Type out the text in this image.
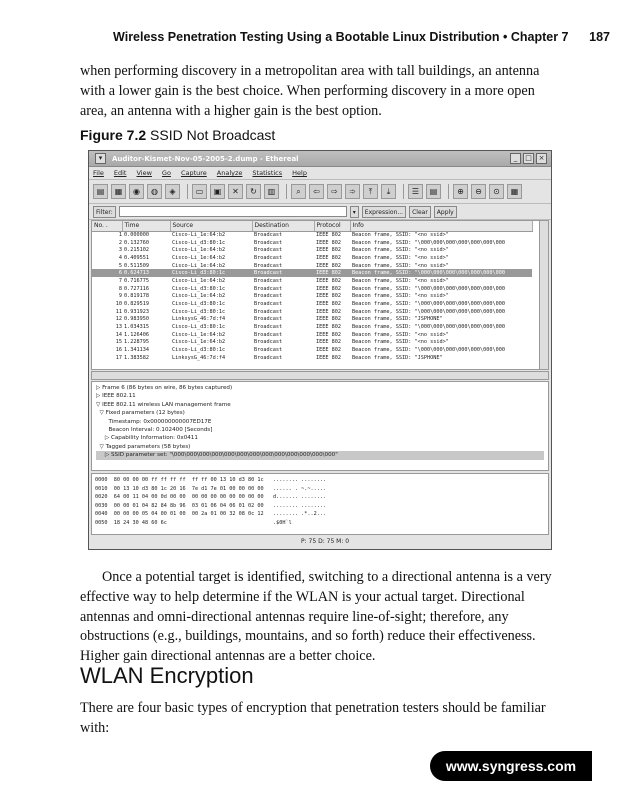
Wireless Penetration Testing Using a Bootable Linux Distribution • Chapter 7 187

when performing discovery in a metropolitan area with tall buildings, an antenna with a lower gain is the best choice. When performing discovery in a more open area, an antenna with a higher gain is the best option.

Figure 7.2 SSID Not Broadcast
▾	Auditor-Kismet-Nov-05-2005-2.dump - Ethereal	_	□ ×
File Edit View Go Capture Analyze Statistics Help
▤	▦	◉	◍	◈	▭	▣	✕	↻	▥	⌕	⇦	⇨	➾	⤒	⤓	☰	▤	⊕	⊖	⊙	▦
Filter:	▾	Expression...	Clear	Apply
No. .	Time	Source	Destination	Protocol	Info
1	0.000000	Cisco-Li_1e:64:b2	Broadcast	IEEE 802	Beacon frame, SSID: "<no ssid>"
2	0.132760	Cisco-Li_d3:80:1c	Broadcast	IEEE 802	Beacon frame, SSID: "\000\000\000\000\000\000\000
3	0.215102	Cisco-Li_1e:64:b2	Broadcast	IEEE 802	Beacon frame, SSID: "<no ssid>"
4	0.409551	Cisco-Li_1e:64:b2	Broadcast	IEEE 802	Beacon frame, SSID: "<no ssid>"
5	0.511509	Cisco-Li_1e:64:b2	Broadcast	IEEE 802	Beacon frame, SSID: "<no ssid>"
6	0.624713	Cisco-Li_d3:80:1c	Broadcast	IEEE 802	Beacon frame, SSID: "\000\000\000\000\000\000\000
7	0.716775	Cisco-Li_1e:64:b2	Broadcast	IEEE 802	Beacon frame, SSID: "<no ssid>"
8	0.727116	Cisco-Li_d3:80:1c	Broadcast	IEEE 802	Beacon frame, SSID: "\000\000\000\000\000\000\000
9	0.819178	Cisco-Li_1e:64:b2	Broadcast	IEEE 802	Beacon frame, SSID: "<no ssid>"
10	0.829519	Cisco-Li_d3:80:1c	Broadcast	IEEE 802	Beacon frame, SSID: "\000\000\000\000\000\000\000
11	0.931923	Cisco-Li_d3:80:1c	Broadcast	IEEE 802	Beacon frame, SSID: "\000\000\000\000\000\000\000
12	0.983950	LinksysG_46:7d:f4	Broadcast	IEEE 802	Beacon frame, SSID: "JSPHONE"
13	1.034315	Cisco-Li_d3:80:1c	Broadcast	IEEE 802	Beacon frame, SSID: "\000\000\000\000\000\000\000
14	1.126406	Cisco-Li_1e:64:b2	Broadcast	IEEE 802	Beacon frame, SSID: "<no ssid>"
15	1.228795	Cisco-Li_1e:64:b2	Broadcast	IEEE 802	Beacon frame, SSID: "<no ssid>"
16	1.341134	Cisco-Li_d3:80:1c	Broadcast	IEEE 802	Beacon frame, SSID: "\000\000\000\000\000\000\000
17	1.383582	LinksysG_46:7d:f4	Broadcast	IEEE 802	Beacon frame, SSID: "JSPHONE"
▷ Frame 6 (86 bytes on wire, 86 bytes captured)
▷ IEEE 802.11
▽ IEEE 802.11 wireless LAN management frame
▽ Fixed parameters (12 bytes)
Timestamp: 0x000000000007ED17E
Beacon Interval: 0.102400 [Seconds]
▷ Capability Information: 0x0411
▽ Tagged parameters (58 bytes)
▷ SSID parameter set: "\000\000\000\000\000\000\000\000\000\000\000\000\000"
0000  80 00 00 00 ff ff ff ff  ff ff 00 13 10 d3 80 1c   ........ ........
0010  00 13 10 d3 80 1c 20 16  7e d1 7e 01 00 00 00 00   ...... . ~.~.....
0020  64 00 11 04 00 0d 00 00  00 00 00 00 00 00 00 00   d....... ........
0030  00 00 01 04 82 84 8b 96  03 01 06 04 06 01 02 00   ........ ........
0040  00 00 00 05 04 00 01 00  00 2a 01 00 32 08 0c 12   ........ .*..2...
0050  18 24 30 48 60 6c                                  .$0H`l
P: 75 D: 75 M: 0

Once a potential target is identified, switching to a directional antenna is a very effective way to help determine if the WLAN is your actual target. Directional antennas and omni-directional antennas require line-of-sight; therefore, any obstructions (e.g., buildings, mountains, and so forth) reduce their effectiveness. Higher gain directional antennas are a better choice.

WLAN Encryption

There are four basic types of encryption that penetration testers should be familiar with:

www.syngress.com
